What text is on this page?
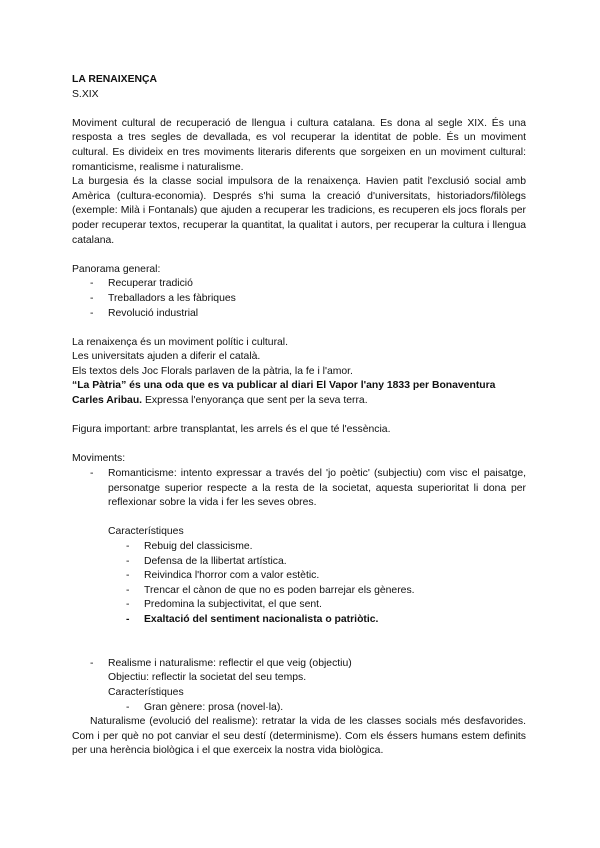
LA RENAIXENÇA

S.XIX

Moviment cultural de recuperació de llengua i cultura catalana. Es dona al segle XIX. És una resposta a tres segles de devallada, es vol recuperar la identitat de poble. És un moviment cultural. Es divideix en tres moviments literaris diferents que sorgeixen en un moviment cultural: romanticisme, realisme i naturalisme.

La burgesia és la classe social impulsora de la renaixença. Havien patit l'exclusió social amb Amèrica (cultura-economia). Després s'hi suma la creació d'universitats, historiadors/filòlegs (exemple: Milà i Fontanals) que ajuden a recuperar les tradicions, es recuperen els jocs florals per poder recuperar textos, recuperar la quantitat, la qualitat i autors, per recuperar la cultura i llengua catalana.

Panorama general:

- Recuperar tradició
- Treballadors a les fàbriques
- Revolució industrial

La renaixença és un moviment polític i cultural.

Les universitats ajuden a diferir el català.

Els textos dels Joc Florals parlaven de la pàtria, la fe i l'amor.

“La Pàtria” és una oda que es va publicar al diari El Vapor l'any 1833 per Bonaventura Carles Aribau. Expressa l'enyorança que sent per la seva terra.

Figura important: arbre transplantat, les arrels és el que té l'essència.

Moviments:

- Romanticisme: intento expressar a través del 'jo poètic' (subjectiu) com visc el paisatge, personatge superior respecte a la resta de la societat, aquesta superioritat li dona per reflexionar sobre la vida i fer les seves obres.

Característiques

- Rebuig del classicisme.
- Defensa de la llibertat artística.
- Reivindica l'horror com a valor estètic.
- Trencar el cànon de que no es poden barrejar els gèneres.
- Predomina la subjectivitat, el que sent.
- Exaltació del sentiment nacionalista o patriòtic.

- Realisme i naturalisme: reflectir el que veig (objectiu)

Objectiu: reflectir la societat del seu temps.

Característiques

- Gran gènere: prosa (novel·la).

Naturalisme (evolució del realisme): retratar la vida de les classes socials més desfavorides. Com i per què no pot canviar el seu destí (determinisme). Com els éssers humans estem definits per una herència biològica i el que exerceix la nostra vida biològica.
